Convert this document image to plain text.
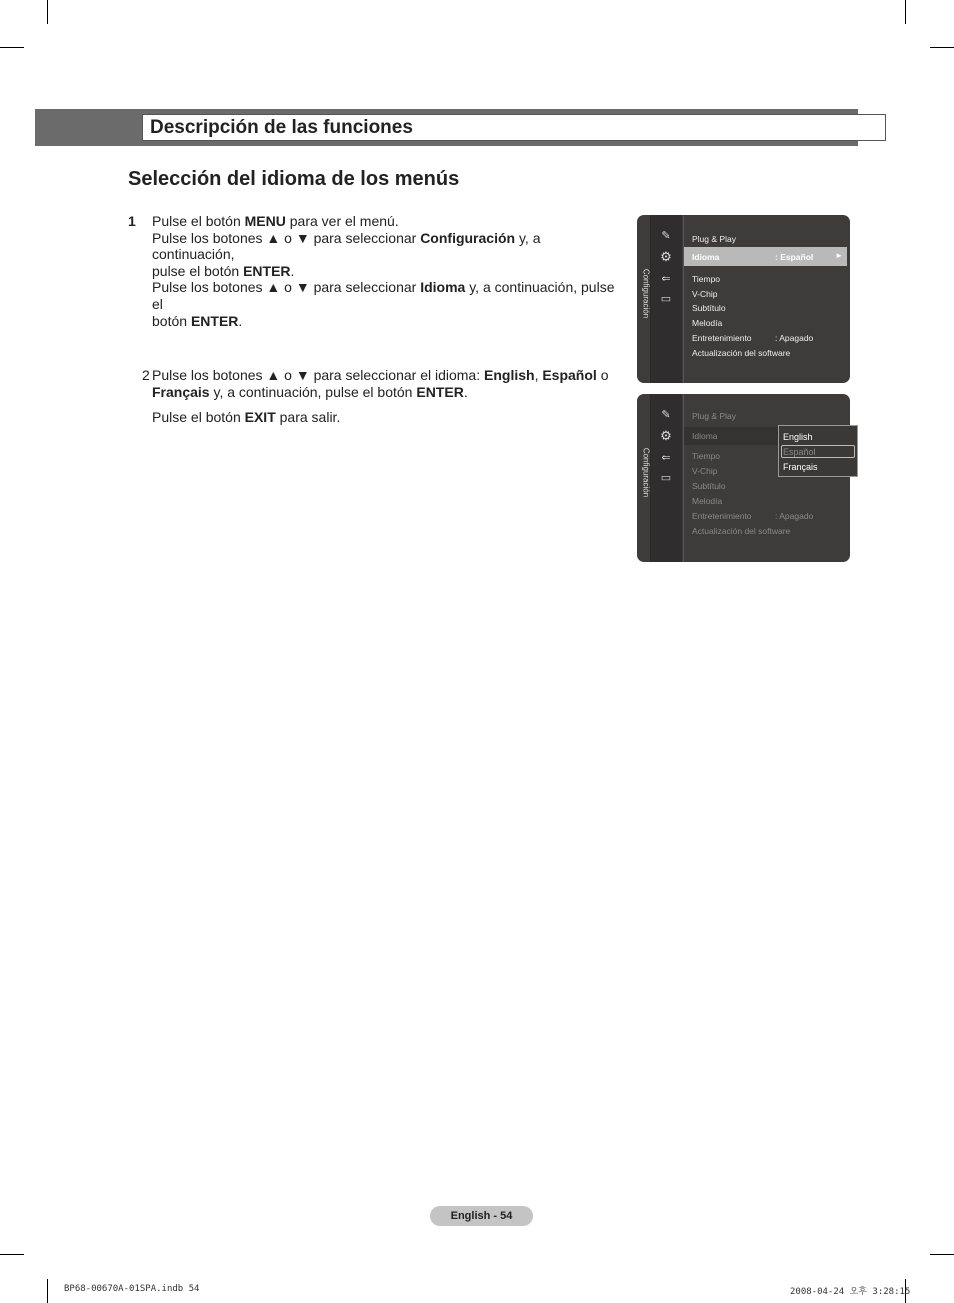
Descripción de las funciones
Selección del idioma de los menús
1 Pulse el botón MENU para ver el menú.
Pulse los botones ▲ o ▼ para seleccionar Configuración y, a continuación,
pulse el botón ENTER.
Pulse los botones ▲ o ▼ para seleccionar Idioma y, a continuación, pulse el
botón ENTER.
2 Pulse los botones ▲ o ▼ para seleccionar el idioma: English, Español o
Français y, a continuación, pulse el botón ENTER.
Pulse el botón EXIT para salir.
Configuración
✎
⚙
⇐
▭
Plug & Play
Idioma	: Español	►
Tiempo
V-Chip
Subtítulo
Melodía
Entretenimiento	: Apagado
Actualización del software
Configuración
✎
⚙
⇐
▭
Plug & Play
Idioma
Tiempo
V-Chip
Subtítulo
Melodía
Entretenimiento	: Apagado
Actualización del software
English
Español
Français
English - 54
BP68-00670A-01SPA.indb 54	2008-04-24 오후 3:28:15
